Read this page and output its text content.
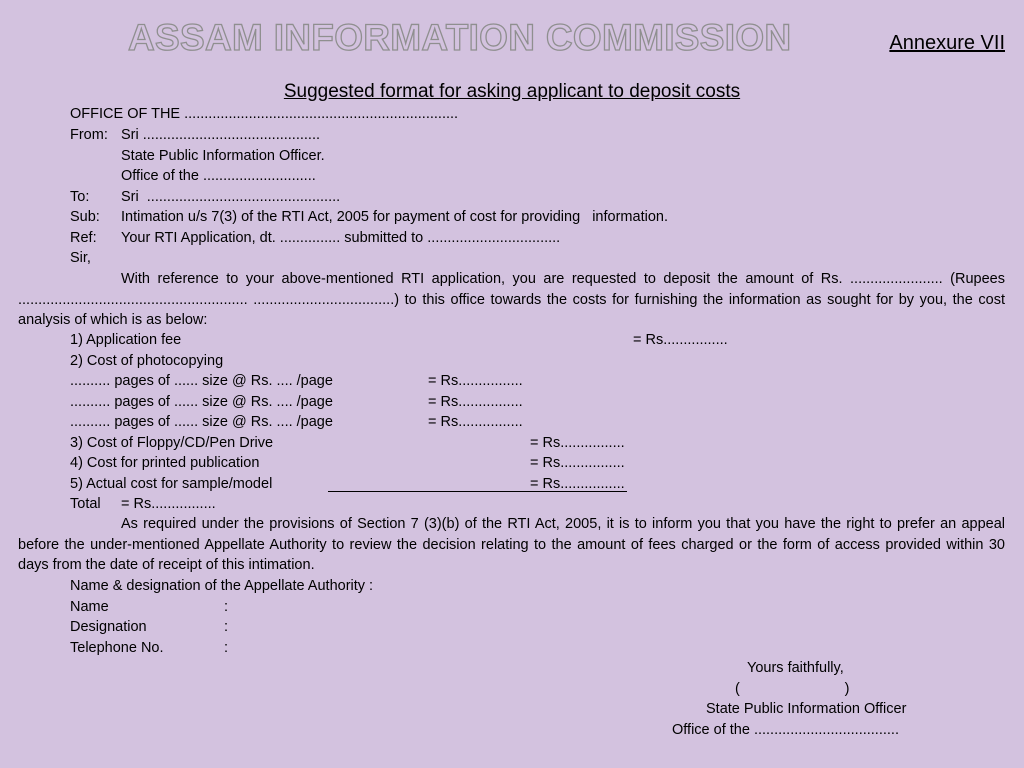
ASSAM INFORMATION COMMISSION	Annexure VII
Suggested format for asking applicant to deposit costs
OFFICE OF THE ....................................................................
From: Sri ............................................
State Public Information Officer.
Office of the ............................
To: Sri  ................................................
Sub: Intimation u/s 7(3) of the RTI Act, 2005 for payment of cost for providing   information.
Ref: Your RTI Application, dt. ............... submitted to .................................
Sir,
With reference to your above-mentioned RTI application, you are requested to deposit the amount of Rs. ....................... (Rupees ......................................................... ...................................) to this office towards the costs for furnishing the information as sought for by you, the cost analysis of which is as below:
1) Application fee	= Rs................
2) Cost of photocopying
.......... pages of ...... size @ Rs. .... /page	= Rs................
.......... pages of ...... size @ Rs. .... /page	= Rs................
.......... pages of ...... size @ Rs. .... /page	= Rs................
3) Cost of Floppy/CD/Pen Drive	= Rs................
4) Cost for printed publication	= Rs................
5) Actual cost for sample/model	= Rs................
Total = Rs................
As required under the provisions of Section 7 (3)(b) of the RTI Act, 2005, it is to inform you that you have the right to prefer an appeal before the under-mentioned Appellate Authority to review the decision relating to the amount of fees charged or the form of access provided within 30 days from the date of receipt of this intimation.
Name & designation of the Appellate Authority :
Name	:
Designation	:
Telephone No.	:
Yours faithfully,
(                          )
State Public Information Officer
Office of the ....................................
